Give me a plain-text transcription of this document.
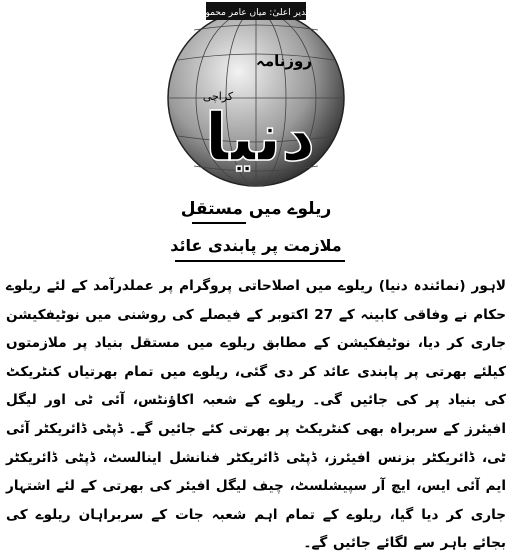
مدیر اعلیٰ: میاں عامر محمود
روزنامہ
کراچی
دنیا
ریلوے میں مستقل
ملازمت پر پابندی عائد

لاہور (نمائندہ دنیا) ریلوے میں اصلاحاتی پروگرام پر عملدرآمد کے لئے ریلوے حکام نے وفاقی کابینہ کے 27 اکتوبر کے فیصلے کی روشنی میں نوٹیفکیشن جاری کر دیا، نوٹیفکیشن کے مطابق ریلوے میں مستقل بنیاد پر ملازمتوں کیلئے بھرتی پر پابندی عائد کر دی گئی، ریلوے میں تمام بھرتیاں کنٹریکٹ کی بنیاد پر کی جائیں گی۔ ریلوے کے شعبہ اکاؤنٹس، آئی ٹی اور لیگل افیئرز کے سربراہ بھی کنٹریکٹ پر بھرتی کئے جائیں گے۔ ڈپٹی ڈائریکٹر آئی ٹی، ڈائریکٹر بزنس افیئرز، ڈپٹی ڈائریکٹر فنانشل اینالسٹ، ڈپٹی ڈائریکٹر ایم آئی ایس، ایچ آر سپیشلسٹ، چیف لیگل افیئر کی بھرتی کے لئے اشتہار جاری کر دیا گیا، ریلوے کے تمام اہم شعبہ جات کے سربراہان ریلوے کی بجائے باہر سے لگائے جائیں گے۔
